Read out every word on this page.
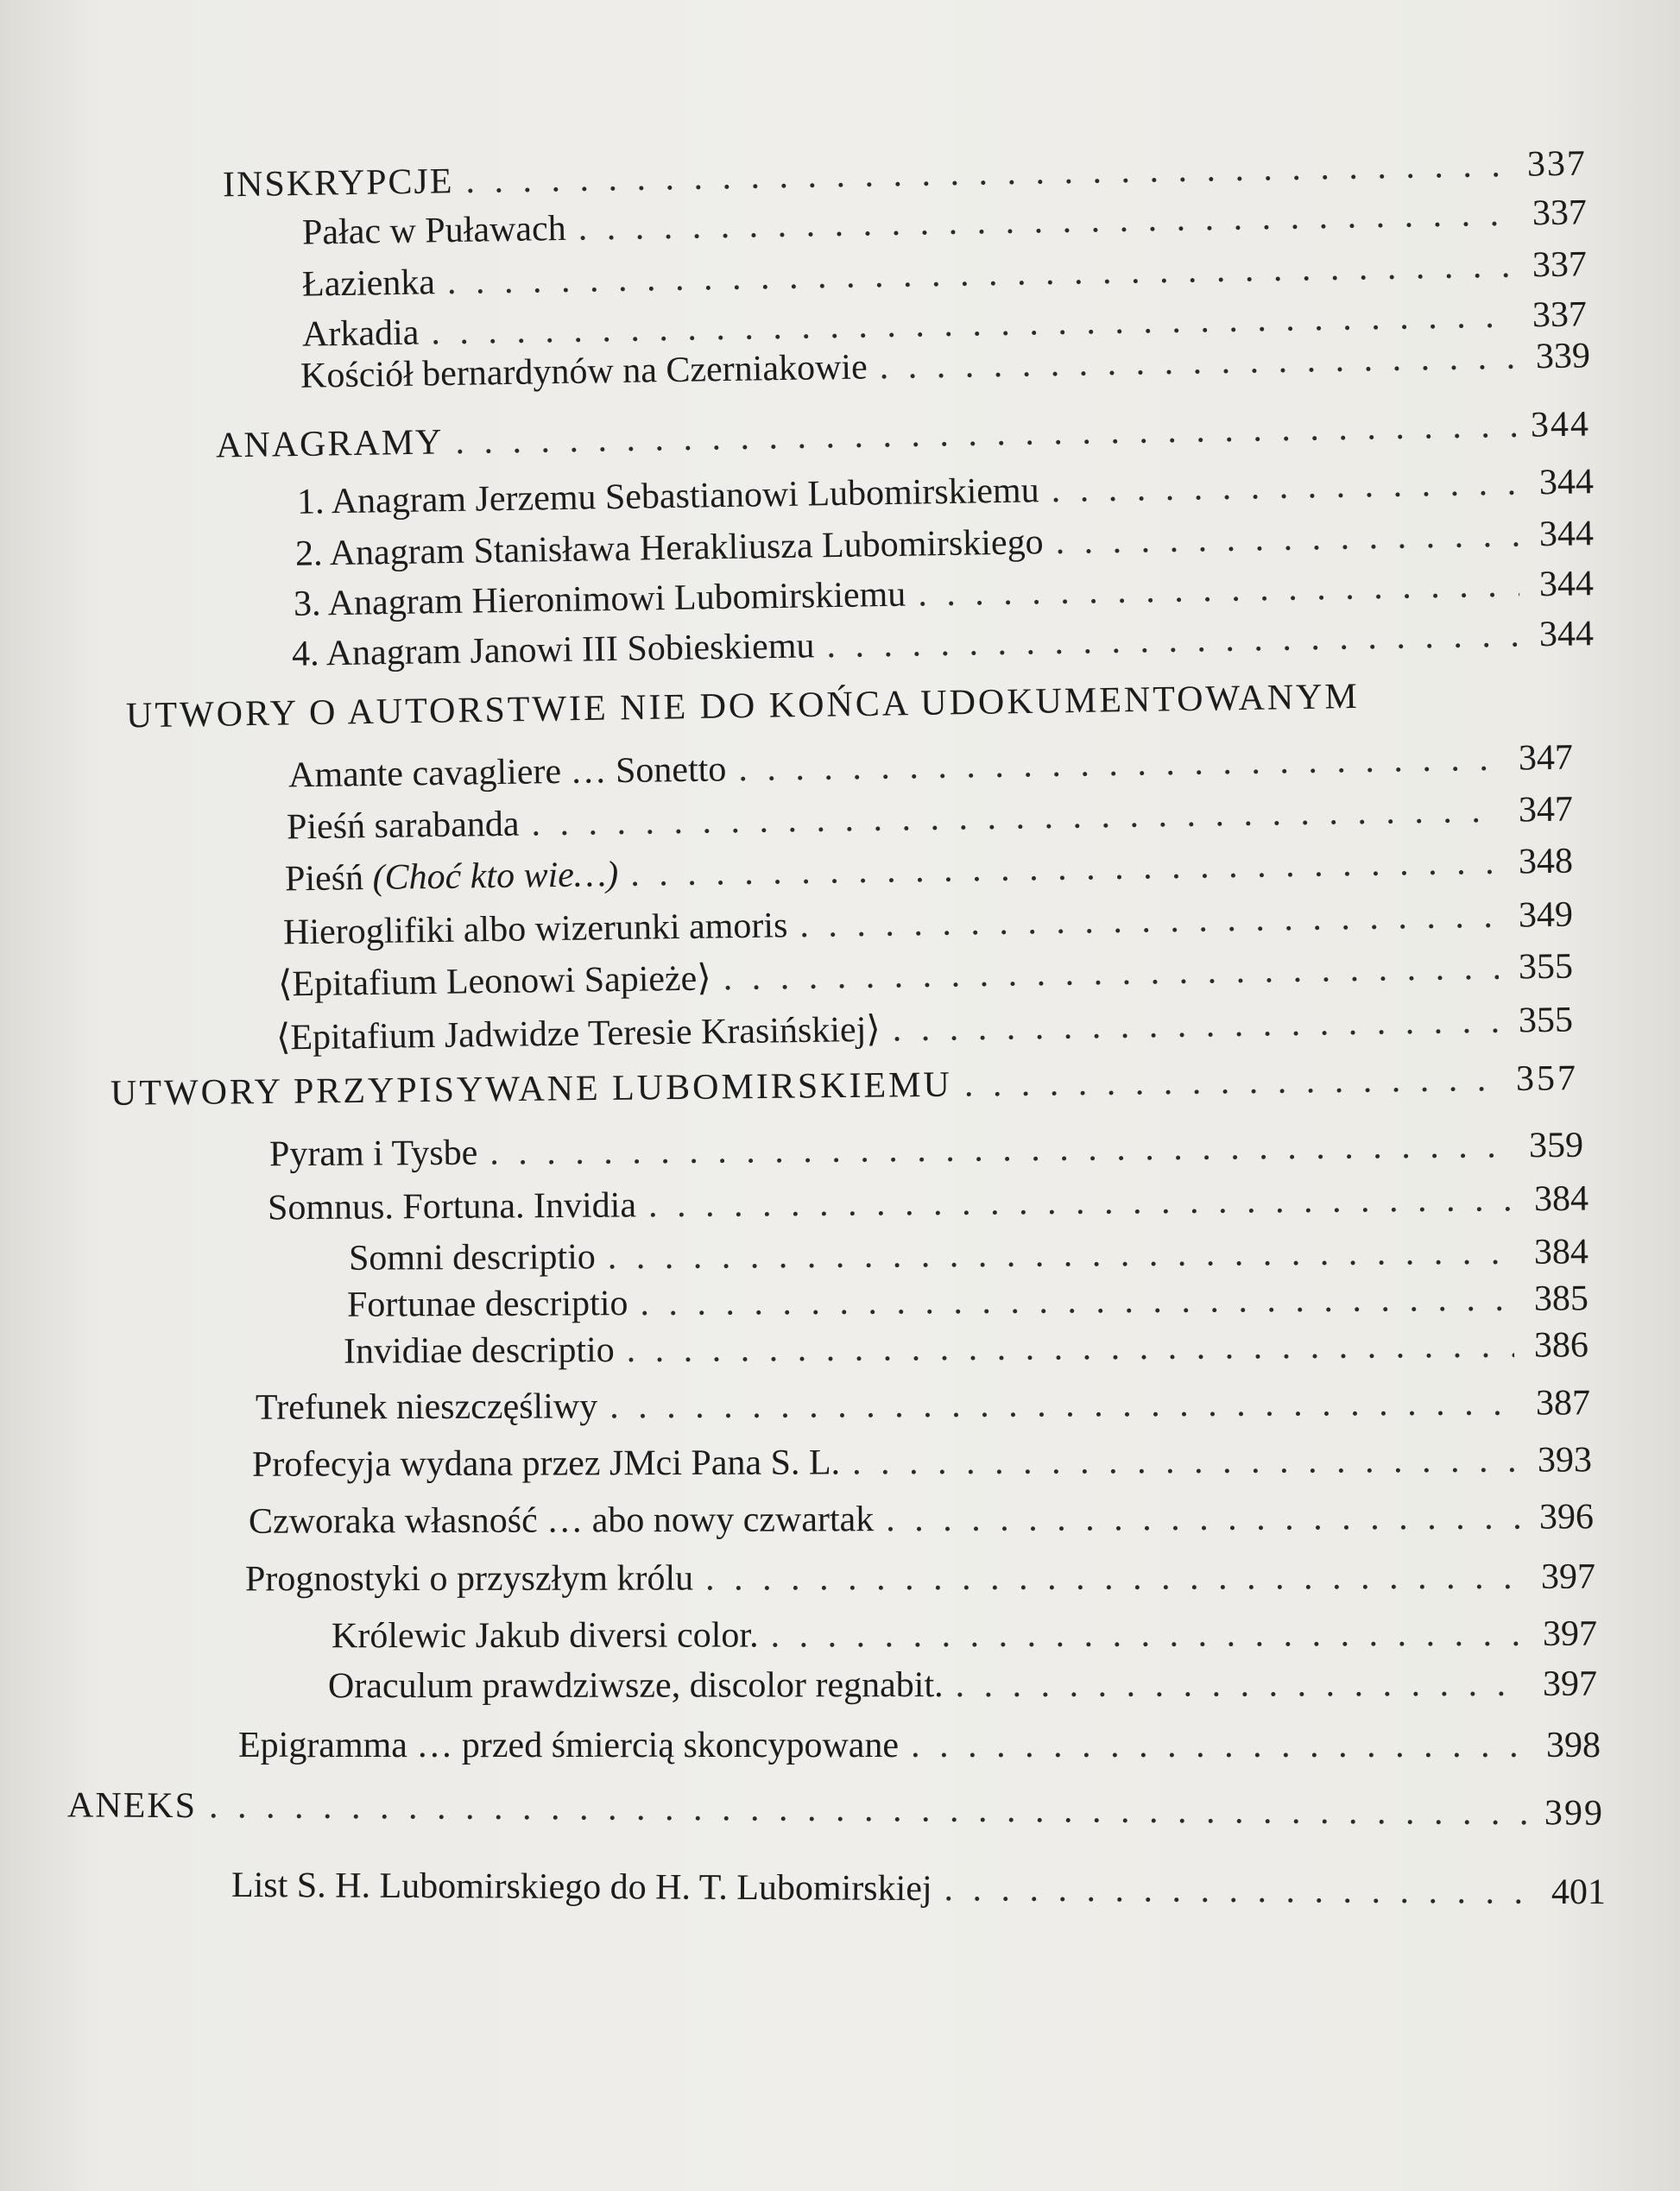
INSKRYPCJE . . .	337
Pałac w Puławach . . .	337
Łazienka . . .	337
Arkadia . . .	337
Kościół bernardynów na Czerniakowie . . .	339
ANAGRAMY . . .	344
1. Anagram Jerzemu Sebastianowi Lubomirskiemu . . .	344
2. Anagram Stanisława Herakliusza Lubomirskiego . . .	344
3. Anagram Hieronimowi Lubomirskiemu . . .	344
4. Anagram Janowi III Sobieskiemu . . .	344
UTWORY O AUTORSTWIE NIE DO KOŃCA UDOKUMENTOWANYM
Amante cavagliere … Sonetto . . .	347
Pieśń sarabanda . . .	347
Pieśń (Choć kto wie…) . . .	348
Hieroglifiki albo wizerunki amoris . . .	349
⟨Epitafium Leonowi Sapieże⟩ . . .	355
⟨Epitafium Jadwidze Teresie Krasińskiej⟩ . . .	355
UTWORY PRZYPISYWANE LUBOMIRSKIEMU . . .	357
Pyram i Tysbe . . .	359
Somnus. Fortuna. Invidia . . .	384
Somni descriptio . . .	384
Fortunae descriptio . . .	385
Invidiae descriptio . . .	386
Trefunek nieszczęśliwy . . .	387
Profecyja wydana przez JMci Pana S. L. . . .	393
Czworaka własność … abo nowy czwartak . . .	396
Prognostyki o przyszłym królu . . .	397
Królewic Jakub diversi color. . . .	397
Oraculum prawdziwsze, discolor regnabit. . . .	397
Epigramma … przed śmiercią skoncypowane . . .	398
ANEKS . . .	399
List S. H. Lubomirskiego do H. T. Lubomirskiej . . .	401
